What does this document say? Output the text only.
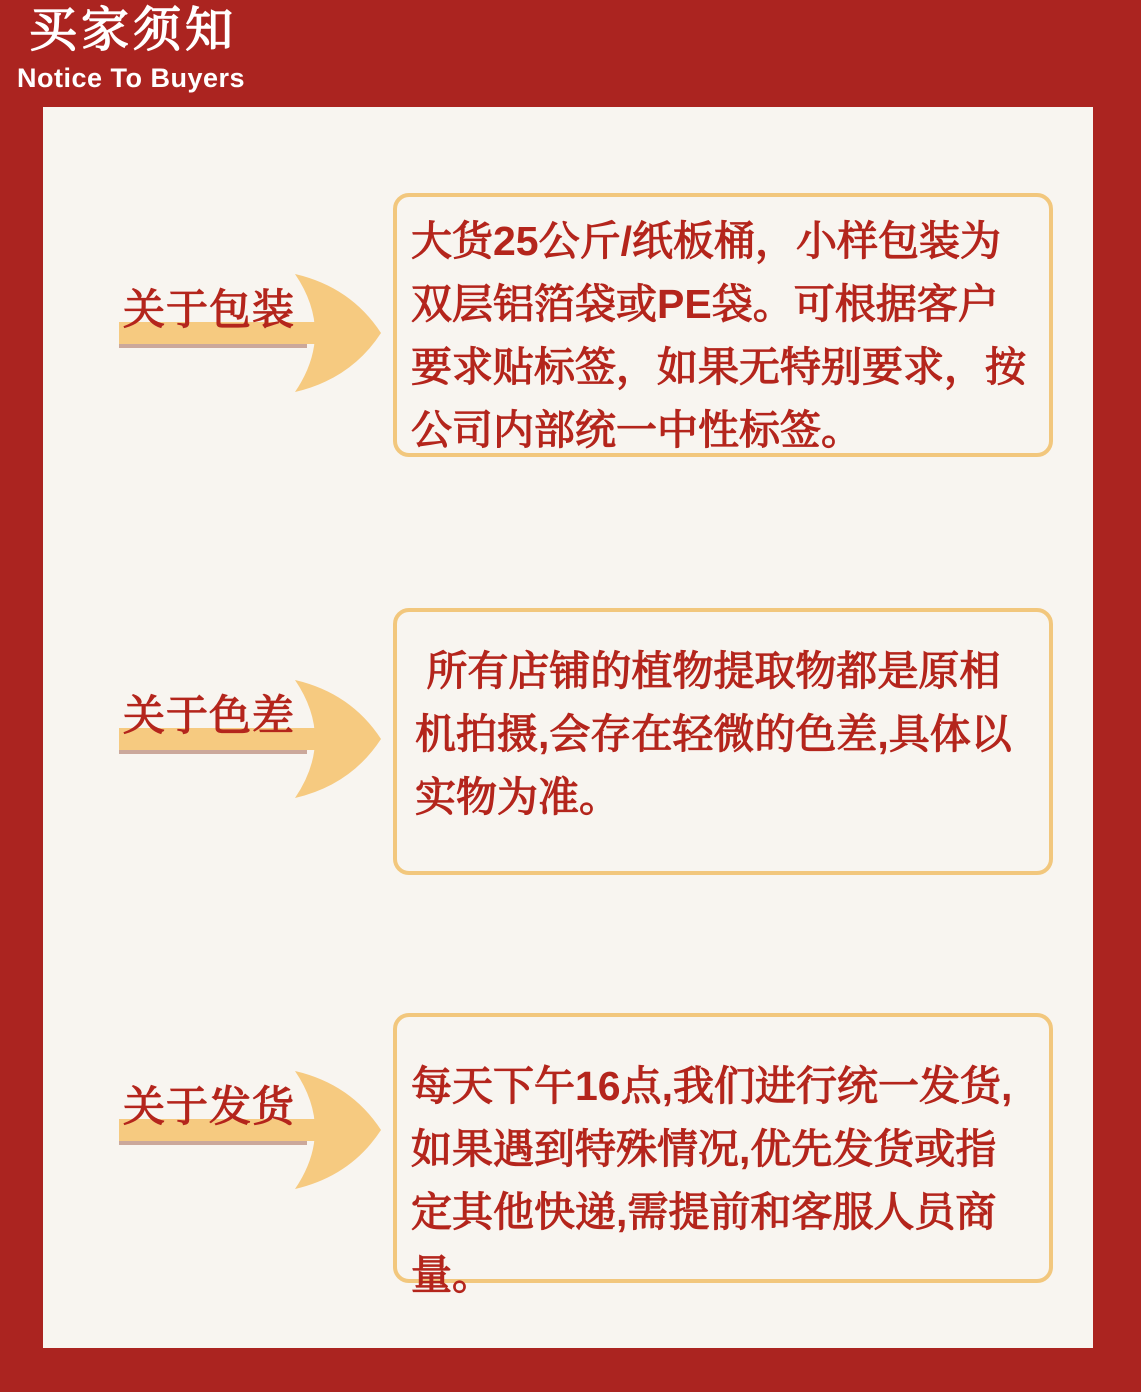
买家须知
Notice To Buyers
关于包装

大货25公斤/纸板桶，小样包装为双层铝箔袋或PE袋。可根据客户要求贴标签，如果无特别要求，按公司内部统一中性标签。

关于色差

所有店铺的植物提取物都是原相机拍摄,会存在轻微的色差,具体以实物为准。

关于发货	每天下午16点,我们进行统一发货,如果遇到特殊情况,优先发货或指定其他快递,需提前和客服人员商量。
